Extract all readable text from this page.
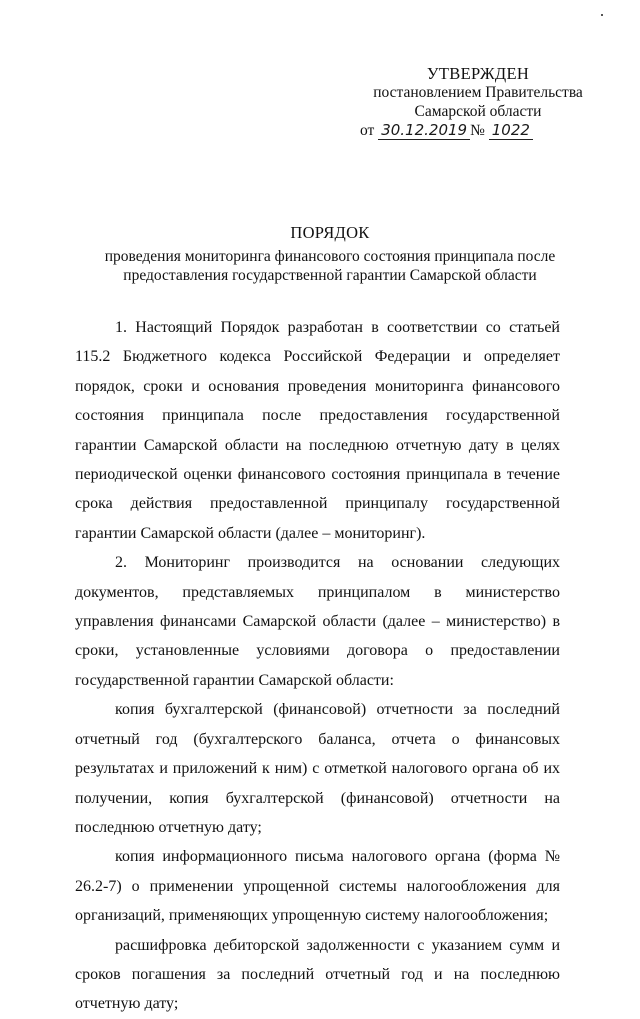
УТВЕРЖДЕН
постановлением Правительства
Самарской области
от 30.12.2019 № 1022
ПОРЯДОК
проведения мониторинга финансового состояния принципала после
предоставления государственной гарантии Самарской области

1. Настоящий Порядок разработан в соответствии со статьей 115.2 Бюджетного кодекса Российской Федерации и определяет порядок, сроки и основания проведения мониторинга финансового состояния принципала после предоставления государственной гарантии Самарской области на последнюю отчетную дату в целях периодической оценки финансового состояния принципала в течение срока действия предоставленной принципалу государственной гарантии Самарской области (далее – мониторинг).

2. Мониторинг производится на основании следующих документов, представляемых принципалом в министерство управления финансами Самарской области (далее – министерство) в сроки, установленные условиями договора о предоставлении государственной гарантии Самарской области:

копия бухгалтерской (финансовой) отчетности за последний отчетный год (бухгалтерского баланса, отчета о финансовых результатах и приложений к ним) с отметкой налогового органа об их получении, копия бухгалтерской (финансовой) отчетности на последнюю отчетную дату;

копия информационного письма налогового органа (форма № 26.2-7) о применении упрощенной системы налогообложения для организаций, применяющих упрощенную систему налогообложения;

расшифровка дебиторской задолженности с указанием сумм и сроков погашения за последний отчетный год и на последнюю отчетную дату;
